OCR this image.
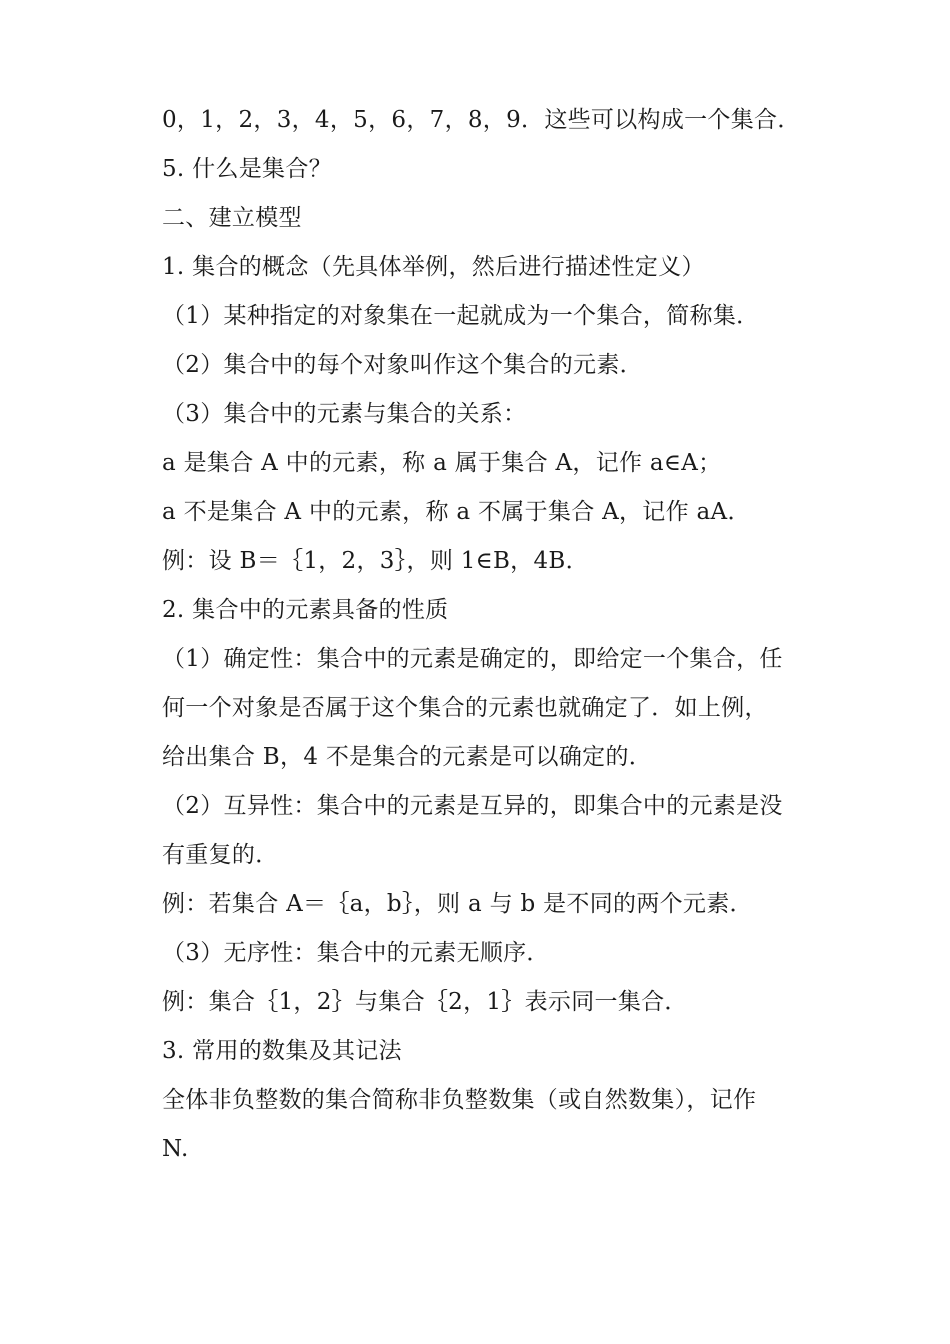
0，1，2，3，4，5，6，7，8，9．这些可以构成一个集合．
5. 什么是集合？
二、建立模型
1. 集合的概念（先具体举例，然后进行描述性定义）
（1）某种指定的对象集在一起就成为一个集合，简称集．
（2）集合中的每个对象叫作这个集合的元素．
（3）集合中的元素与集合的关系：
a 是集合 A 中的元素，称 a 属于集合 A，记作 a∈A；
a 不是集合 A 中的元素，称 a 不属于集合 A，记作 aA．
例：设 B＝｛1，2，3｝，则 1∈B，4B．
2. 集合中的元素具备的性质
（1）确定性：集合中的元素是确定的，即给定一个集合，任
何一个对象是否属于这个集合的元素也就确定了．如上例，
给出集合 B，4 不是集合的元素是可以确定的．
（2）互异性：集合中的元素是互异的，即集合中的元素是没
有重复的．
例：若集合 A＝｛a，b｝，则 a 与 b 是不同的两个元素．
（3）无序性：集合中的元素无顺序．
例：集合｛1，2｝与集合｛2，1｝表示同一集合．
3. 常用的数集及其记法
全体非负整数的集合简称非负整数集（或自然数集），记作
N.
